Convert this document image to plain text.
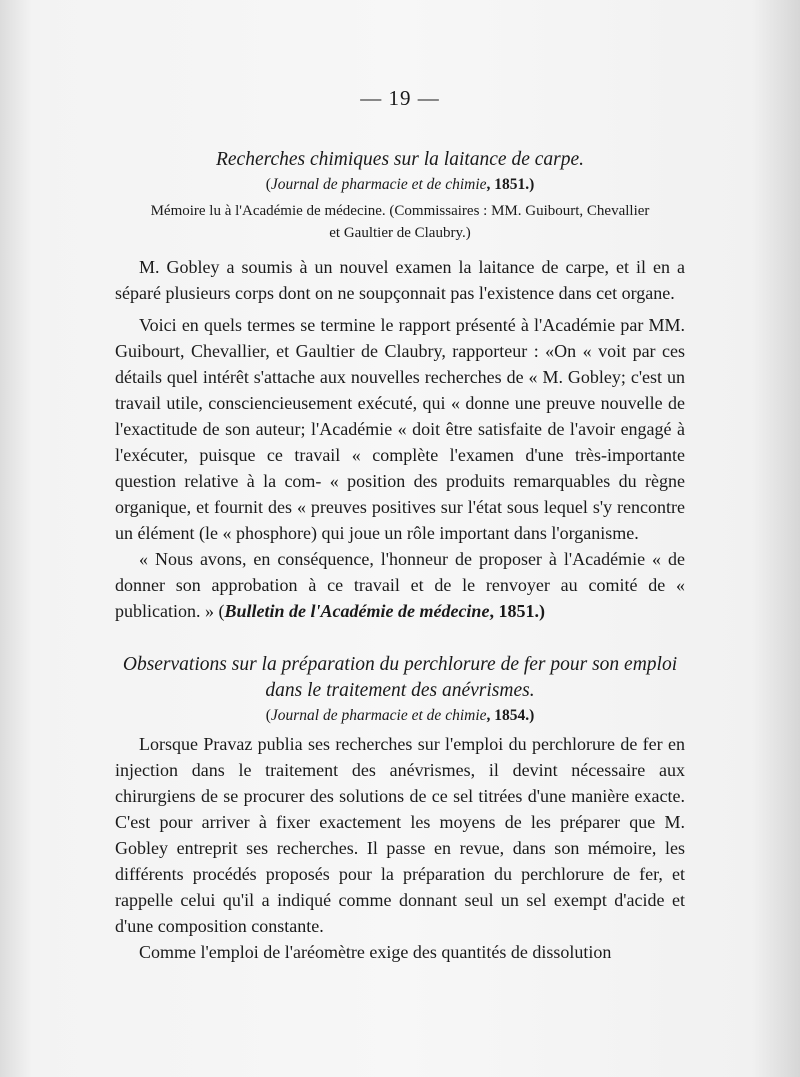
— 19 —

Recherches chimiques sur la laitance de carpe.

(Journal de pharmacie et de chimie, 1851.)

Mémoire lu à l'Académie de médecine. (Commissaires : MM. Guibourt, Chevallier
et Gaultier de Claubry.)

M. Gobley a soumis à un nouvel examen la laitance de carpe, et il en a séparé plusieurs corps dont on ne soupçonnait pas l'existence dans cet organe.

Voici en quels termes se termine le rapport présenté à l'Académie par MM. Guibourt, Chevallier, et Gaultier de Claubry, rapporteur : «On « voit par ces détails quel intérêt s'attache aux nouvelles recherches de « M. Gobley; c'est un travail utile, consciencieusement exécuté, qui « donne une preuve nouvelle de l'exactitude de son auteur; l'Académie « doit être satisfaite de l'avoir engagé à l'exécuter, puisque ce travail « complète l'examen d'une très-importante question relative à la com- « position des produits remarquables du règne organique, et fournit des « preuves positives sur l'état sous lequel s'y rencontre un élément (le « phosphore) qui joue un rôle important dans l'organisme.

« Nous avons, en conséquence, l'honneur de proposer à l'Académie « de donner son approbation à ce travail et de le renvoyer au comité de « publication. » (Bulletin de l'Académie de médecine, 1851.)

Observations sur la préparation du perchlorure de fer pour son emploi

dans le traitement des anévrismes.

(Journal de pharmacie et de chimie, 1854.)

Lorsque Pravaz publia ses recherches sur l'emploi du perchlorure de fer en injection dans le traitement des anévrismes, il devint nécessaire aux chirurgiens de se procurer des solutions de ce sel titrées d'une manière exacte. C'est pour arriver à fixer exactement les moyens de les préparer que M. Gobley entreprit ses recherches. Il passe en revue, dans son mémoire, les différents procédés proposés pour la préparation du perchlorure de fer, et rappelle celui qu'il a indiqué comme donnant seul un sel exempt d'acide et d'une composition constante.

Comme l'emploi de l'aréomètre exige des quantités de dissolution
